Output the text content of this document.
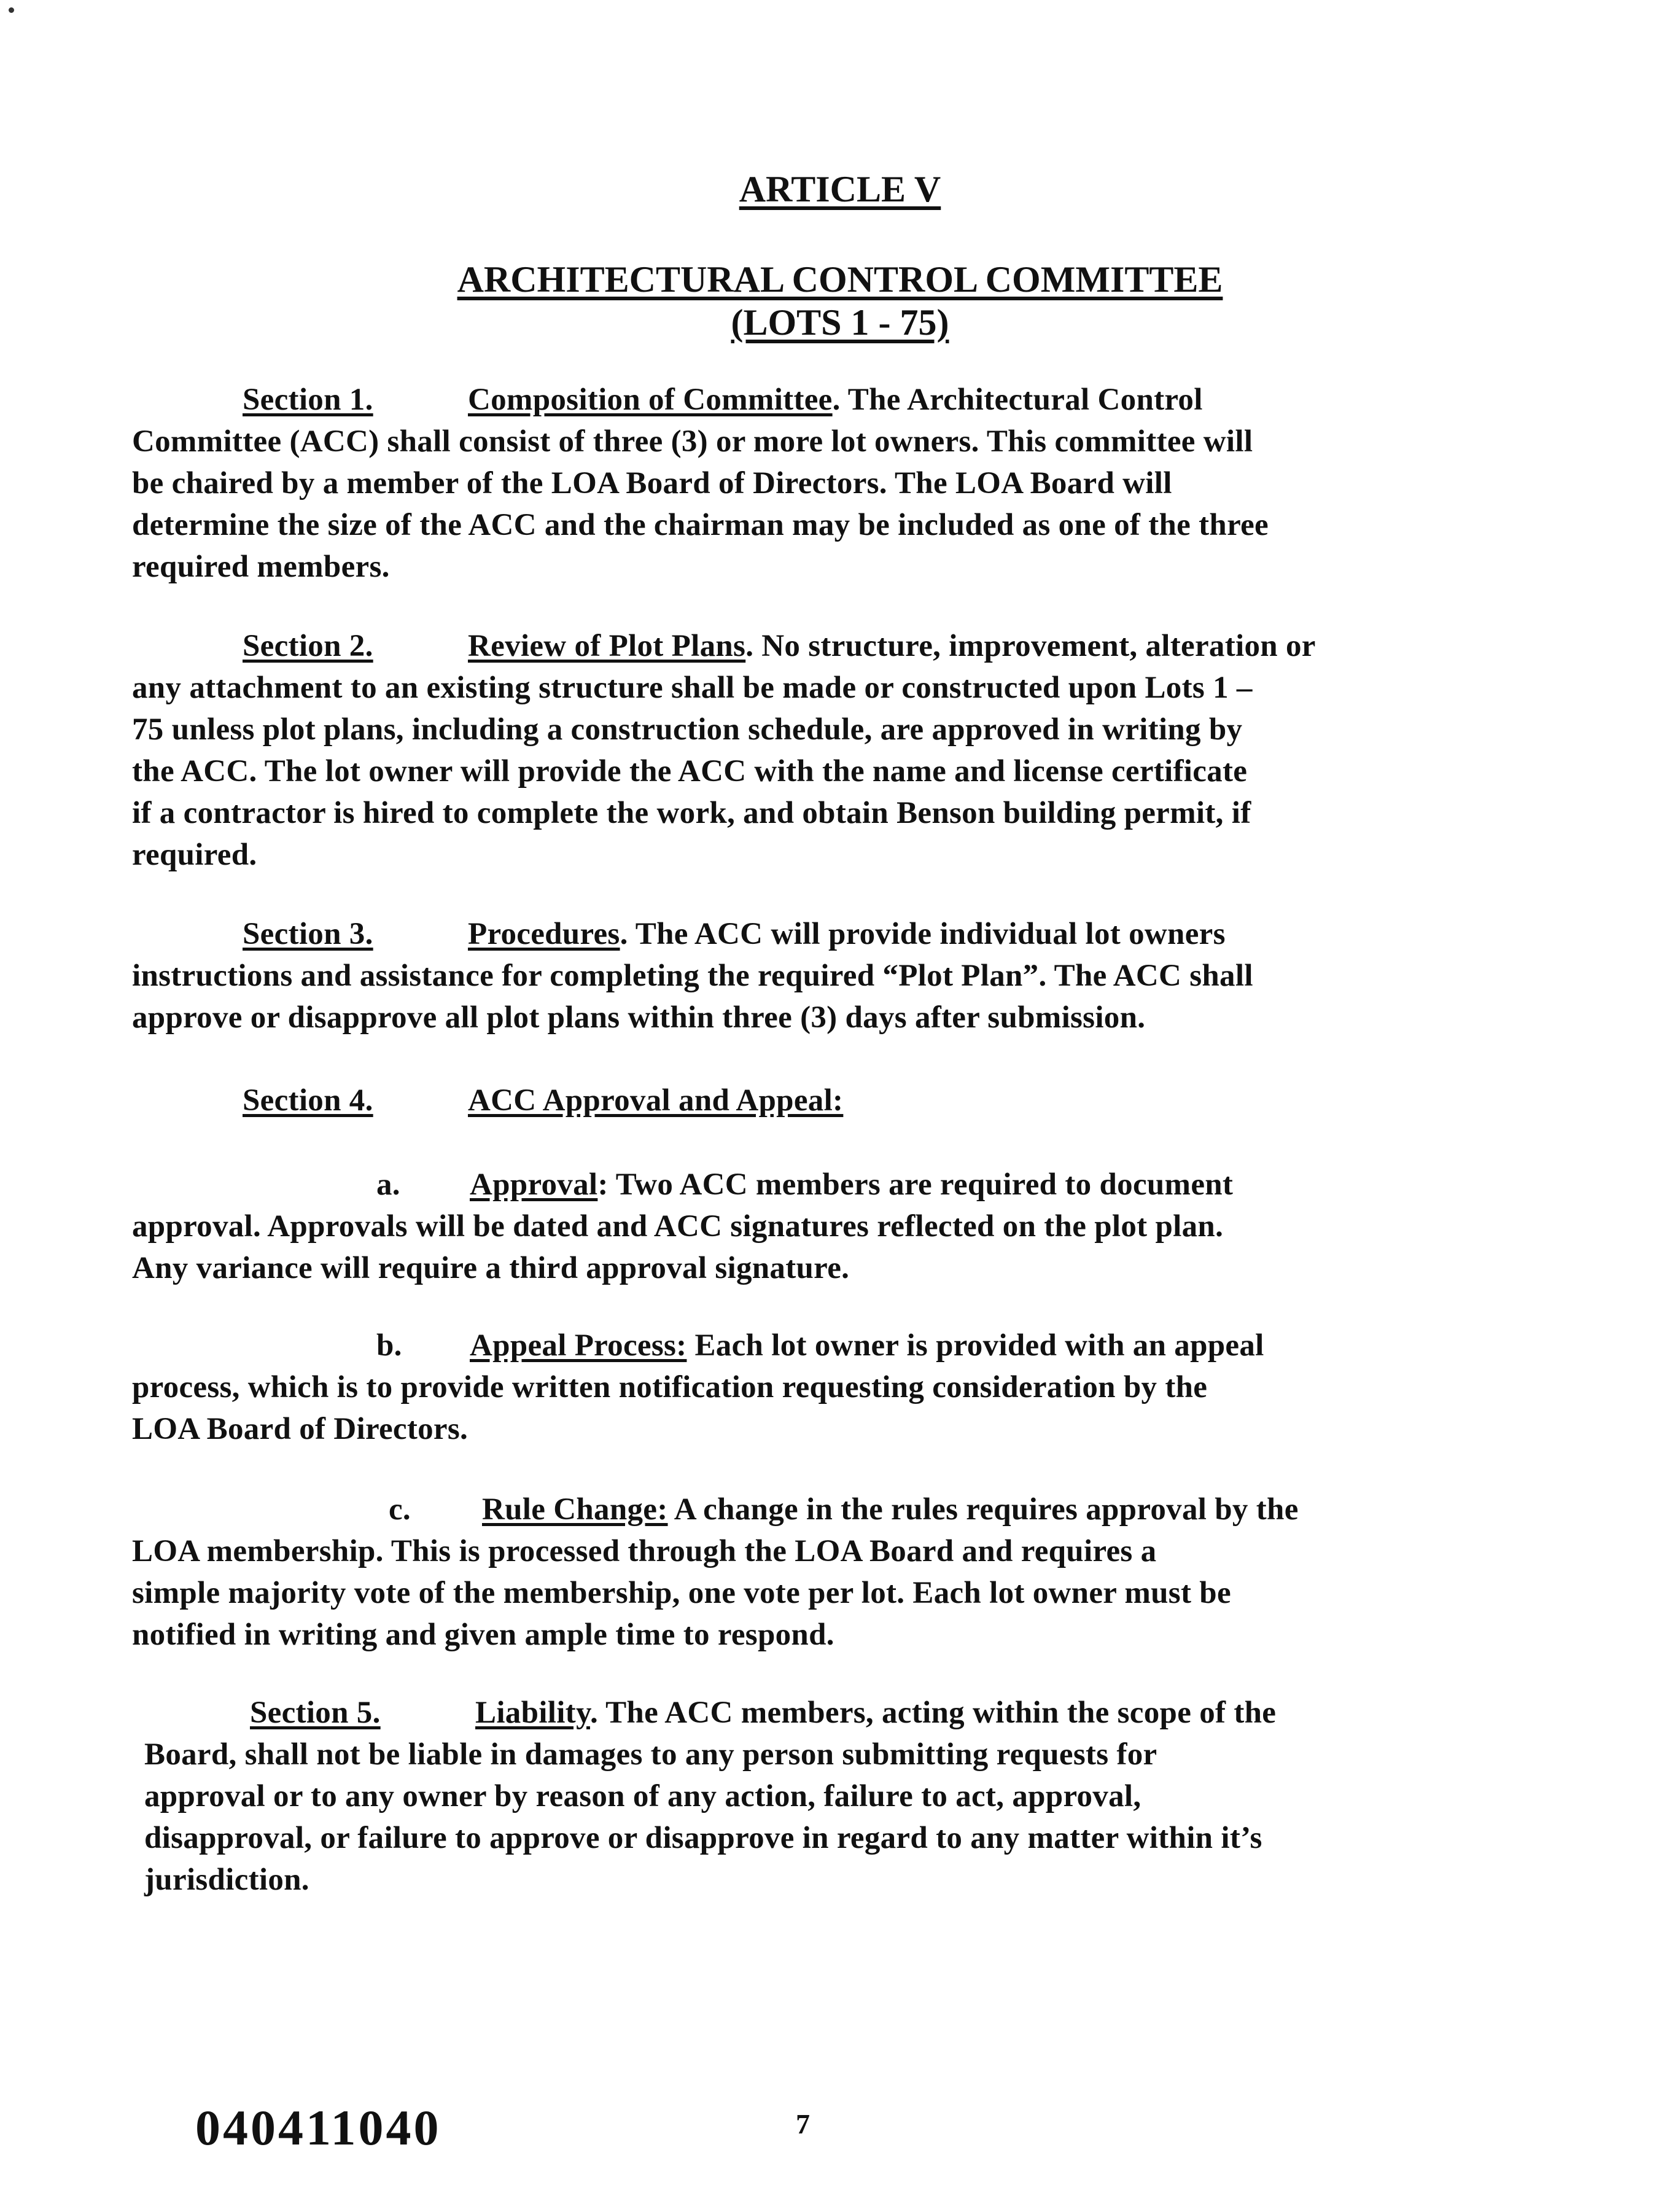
ARTICLE V
ARCHITECTURAL CONTROL COMMITTEE
(LOTS 1 - 75)

Section 1.	Composition of Committee. The Architectural Control

Committee (ACC) shall consist of three (3) or more lot owners. This committee will

be chaired by a member of the LOA Board of Directors. The LOA Board will

determine the size of the ACC and the chairman may be included as one of the three

required members.

Section 2.	Review of Plot Plans. No structure, improvement, alteration or

any attachment to an existing structure shall be made or constructed upon Lots 1 –

75 unless plot plans, including a construction schedule, are approved in writing by

the ACC. The lot owner will provide the ACC with the name and license certificate

if a contractor is hired to complete the work, and obtain Benson building permit, if

required.

Section 3.	Procedures. The ACC will provide individual lot owners

instructions and assistance for completing the required “Plot Plan”. The ACC shall

approve or disapprove all plot plans within three (3) days after submission.

Section 4.	ACC Approval and Appeal:

a. Approval: Two ACC members are required to document

approval. Approvals will be dated and ACC signatures reflected on the plot plan.

Any variance will require a third approval signature.

b. Appeal Process: Each lot owner is provided with an appeal

process, which is to provide written notification requesting consideration by the

LOA Board of Directors.

c. Rule Change: A change in the rules requires approval by the

LOA membership. This is processed through the LOA Board and requires a

simple majority vote of the membership, one vote per lot. Each lot owner must be

notified in writing and given ample time to respond.

Section 5.	Liability. The ACC members, acting within the scope of the

Board, shall not be liable in damages to any person submitting requests for

approval or to any owner by reason of any action, failure to act, approval,

disapproval, or failure to approve or disapprove in regard to any matter within it’s

jurisdiction.

040411040	7
